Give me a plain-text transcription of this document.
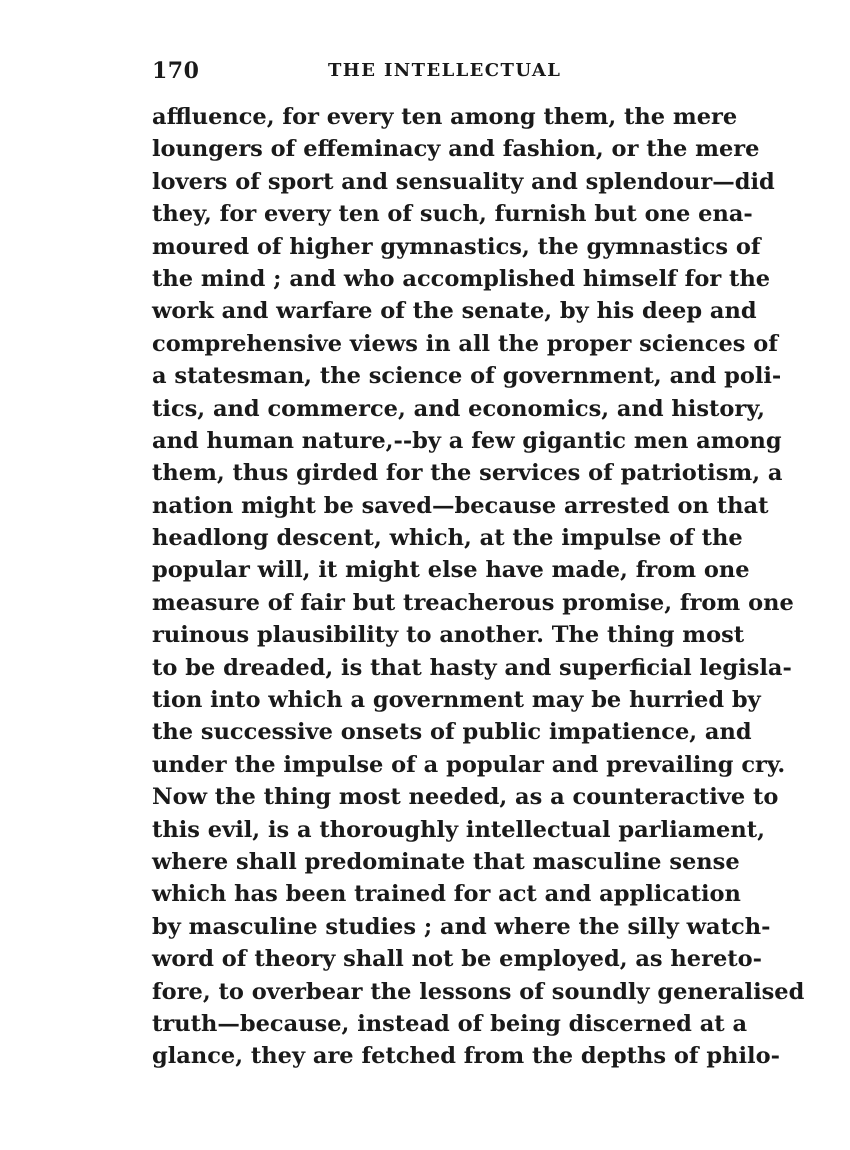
170	THE INTELLECTUAL
affluence, for every ten among them, the mere
loungers of effeminacy and fashion, or the mere
lovers of sport and sensuality and splendour—did
they, for every ten of such, furnish but one ena-
moured of higher gymnastics, the gymnastics of
the mind ; and who accomplished himself for the
work and warfare of the senate, by his deep and
comprehensive views in all the proper sciences of
a statesman, the science of government, and poli-
tics, and commerce, and economics, and history,
and human nature,--by a few gigantic men among
them, thus girded for the services of patriotism, a
nation might be saved—because arrested on that
headlong descent, which, at the impulse of the
popular will, it might else have made, from one
measure of fair but treacherous promise, from one
ruinous plausibility to another. The thing most
to be dreaded, is that hasty and superficial legisla-
tion into which a government may be hurried by
the successive onsets of public impatience, and
under the impulse of a popular and prevailing cry.
Now the thing most needed, as a counteractive to
this evil, is a thoroughly intellectual parliament,
where shall predominate that masculine sense
which has been trained for act and application
by masculine studies ; and where the silly watch-
word of theory shall not be employed, as hereto-
fore, to overbear the lessons of soundly generalised
truth—because, instead of being discerned at a
glance, they are fetched from the depths of philo-
